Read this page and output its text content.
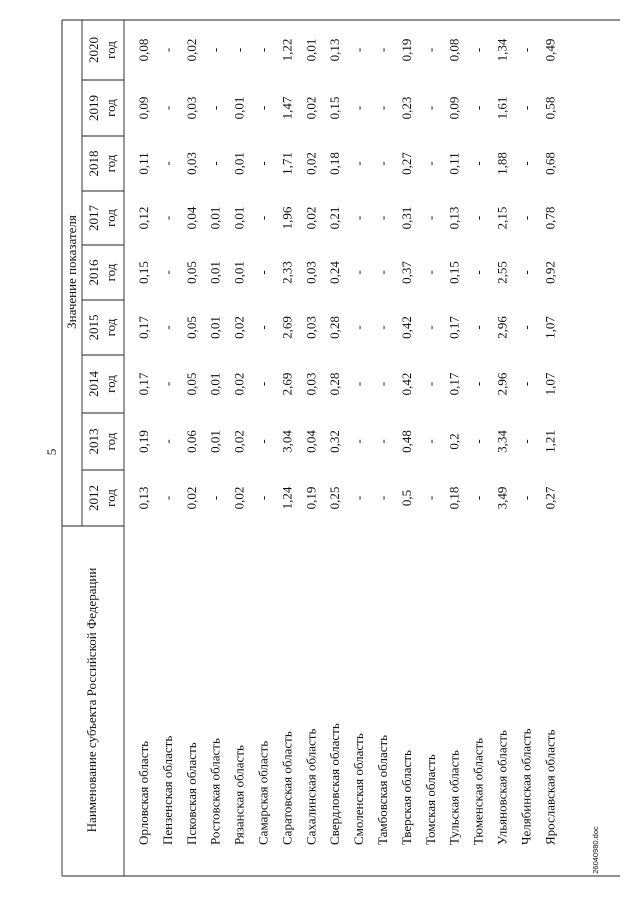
5
Наименование субъекта Российской Федерации
Значение показателя
2012 год
2013 год
2014 год
2015 год
2016 год
2017 год
2018 год
2019 год
2020 год
Орловская область
0,13
0,19
0,17
0,17
0,15
0,12
0,11
0,09
0,08
Пензенская область
-
-
-
-
-
-
-
-
-
Псковская область
0,02
0,06
0,05
0,05
0,05
0,04
0,03
0,03
0,02
Ростовская область
-
0,01
0,01
0,01
0,01
0,01
-
-
-
Рязанская область
0,02
0,02
0,02
0,02
0,01
0,01
0,01
0,01
-
Самарская область
-
-
-
-
-
-
-
-
-
Саратовская область
1,24
3,04
2,69
2,69
2,33
1,96
1,71
1,47
1,22
Сахалинская область
0,19
0,04
0,03
0,03
0,03
0,02
0,02
0,02
0,01
Свердловская область
0,25
0,32
0,28
0,28
0,24
0,21
0,18
0,15
0,13
Смоленская область
-
-
-
-
-
-
-
-
-
Тамбовская область
-
-
-
-
-
-
-
-
-
Тверская область
0,5
0,48
0,42
0,42
0,37
0,31
0,27
0,23
0,19
Томская область
-
-
-
-
-
-
-
-
-
Тульская область
0,18
0,2
0,17
0,17
0,15
0,13
0,11
0,09
0,08
Тюменская область
-
-
-
-
-
-
-
-
-
Ульяновская область
3,49
3,34
2,96
2,96
2,55
2,15
1,88
1,61
1,34
Челябинская область
-
-
-
-
-
-
-
-
-
Ярославская область
0,27
1,21
1,07
1,07
0,92
0,78
0,68
0,58
0,49
26040980.doc
